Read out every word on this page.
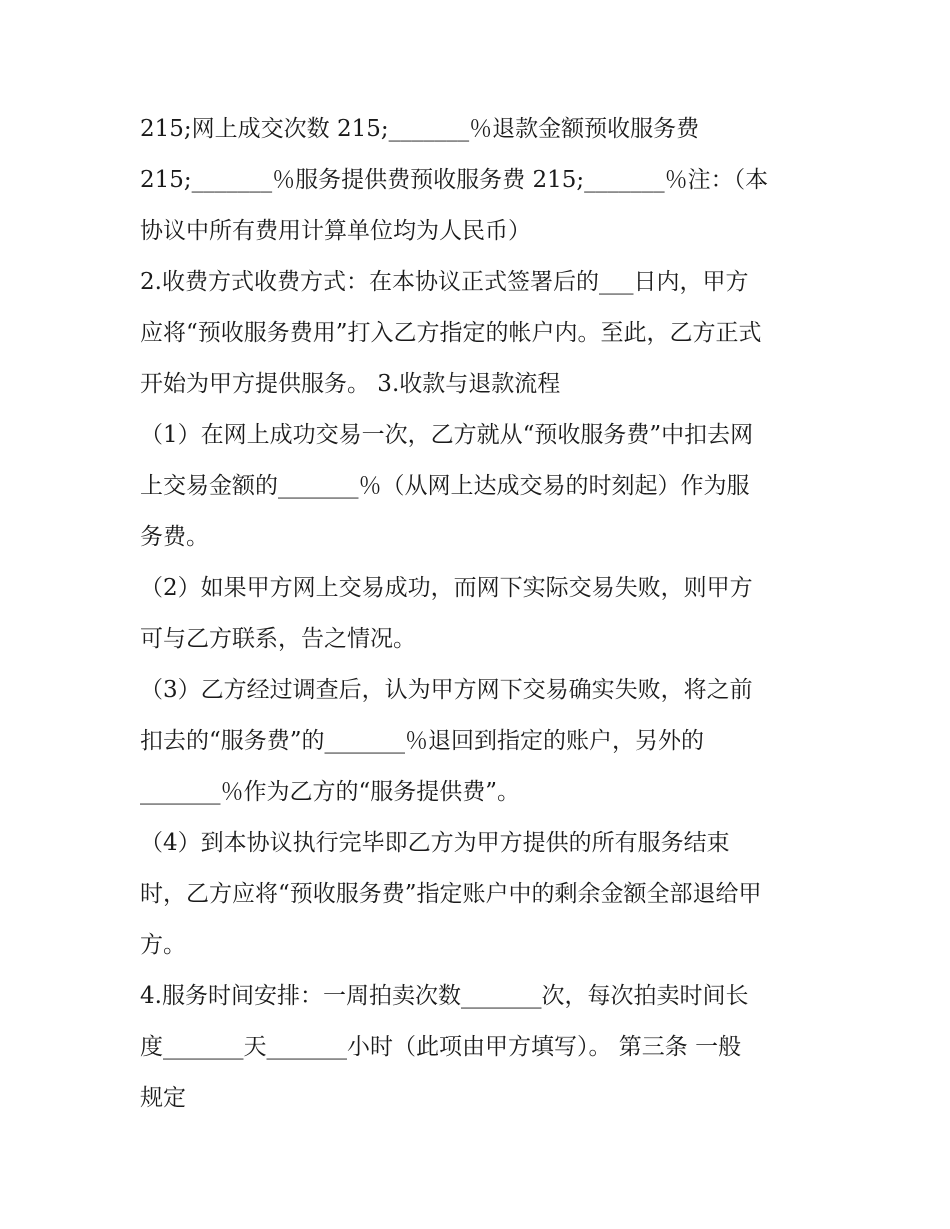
215;网上成交次数 215;_______％退款金额预收服务费
215;_______％服务提供费预收服务费 215;_______％注：（本
协议中所有费用计算单位均为人民币）
2.收费方式收费方式：在本协议正式签署后的___日内，甲方
应将“预收服务费用”打入乙方指定的帐户内。至此，乙方正式
开始为甲方提供服务。 3.收款与退款流程
（1）在网上成功交易一次，乙方就从“预收服务费”中扣去网
上交易金额的_______％（从网上达成交易的时刻起）作为服
务费。
（2）如果甲方网上交易成功，而网下实际交易失败，则甲方
可与乙方联系，告之情况。
（3）乙方经过调查后，认为甲方网下交易确实失败，将之前
扣去的“服务费”的_______％退回到指定的账户，另外的
_______％作为乙方的“服务提供费”。
（4）到本协议执行完毕即乙方为甲方提供的所有服务结束
时，乙方应将“预收服务费”指定账户中的剩余金额全部退给甲
方。
4.服务时间安排：一周拍卖次数_______次，每次拍卖时间长
度_______天_______小时（此项由甲方填写）。 第三条 一般
规定
